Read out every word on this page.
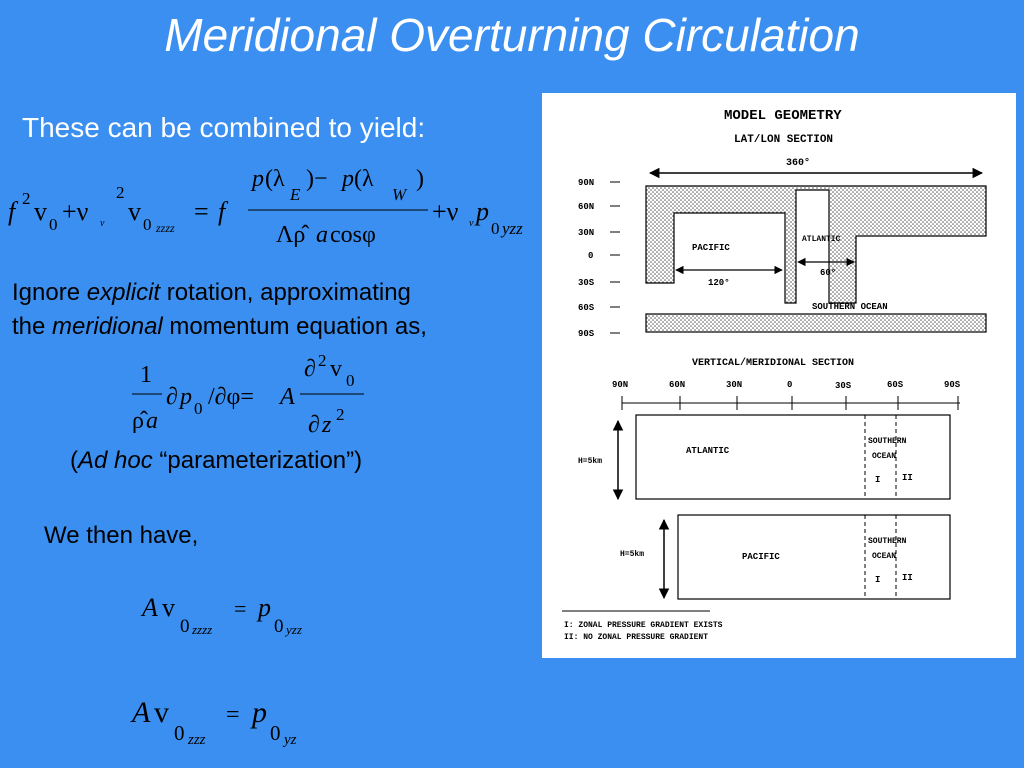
Meridional Overturning Circulation
These can be combined to yield:
f 2 v 0 +ν v
2
v 0 zzzz
= f
p (λ
E
)− p (λ
W
)
Λρ̂ a cosφ
+ν v p
0 yzz
Ignore explicit rotation, approximating
the meridional momentum equation as,
1
ρ̂ a
∂ p 0 /∂φ= A
∂ 2 v 0
∂ z 2
(Ad hoc “parameterization”)
We then have,
A v
0 zzzz
= p
0 yzz
A v
0 zzz
= p
0 yz
MODEL GEOMETRY
LAT/LON SECTION
360°
90N
60N
30N
0
30S
60S
90S
PACIFIC
120°
ATLANTIC
60°
SOUTHERN OCEAN
VERTICAL/MERIDIONAL SECTION
90N	60N	30N	0	30S	60S	90S
H=5km
ATLANTIC
SOUTHERN
OCEAN
I II
H=5km	PACIFIC
SOUTHERN
OCEAN
I II
I: ZONAL PRESSURE GRADIENT EXISTS
II: NO ZONAL PRESSURE GRADIENT
